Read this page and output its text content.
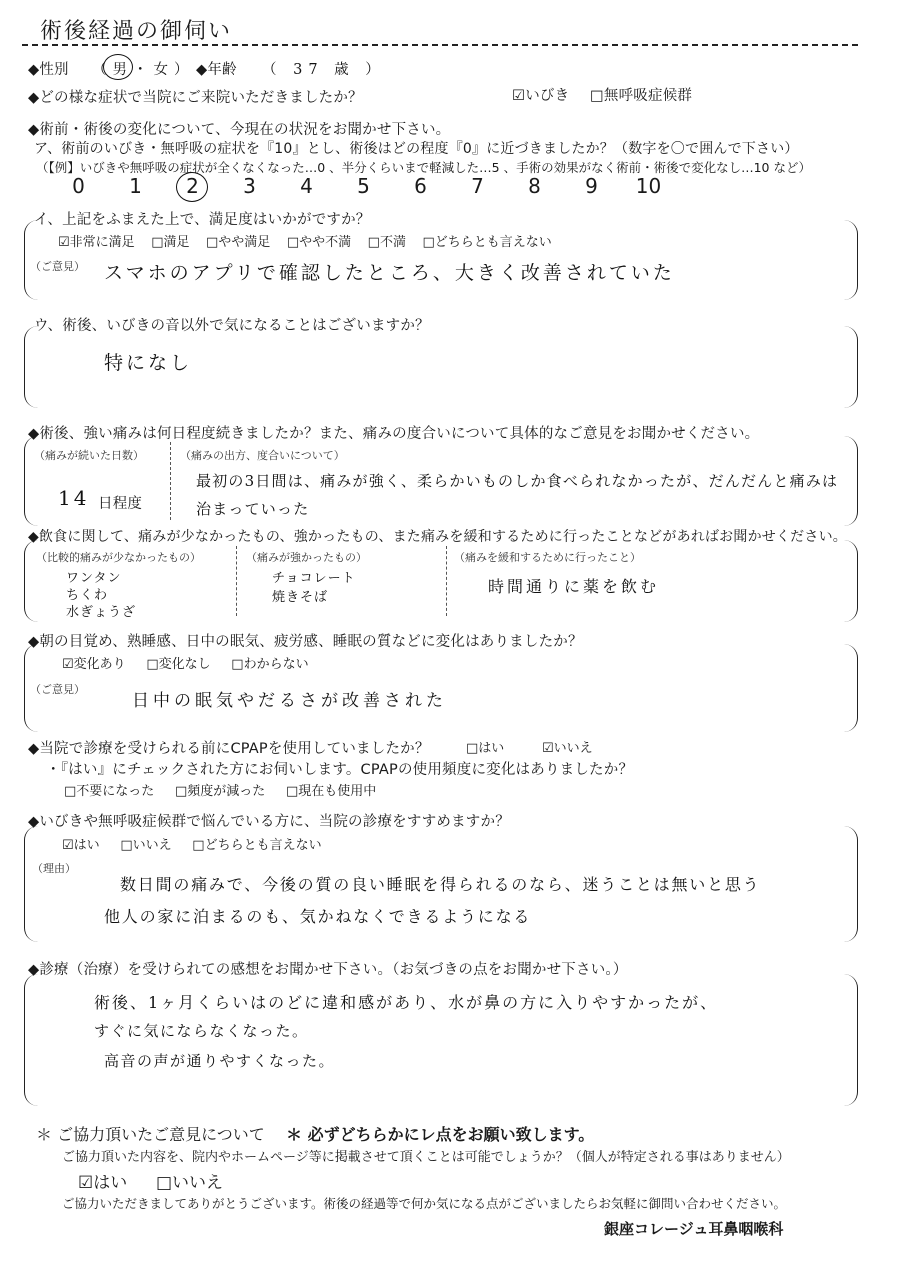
術後経過の御伺い
◆性別 （男・女） ◆年齢 （ 37 歳 ）
◆どの様な症状で当院にご来院いただきましたか？	☑いびき □無呼吸症候群
◆術前・術後の変化について、今現在の状況をお聞かせ下さい。
ア、術前のいびき・無呼吸の症状を『10』とし、術後はどの程度『0』に近づきましたか？（数字を〇で囲んで下さい）
（【例】いびきや無呼吸の症状が全くなくなった…0 、半分くらいまで軽減した…5 、手術の効果がなく術前・術後で変化なし…10 など）
0 1 2 3 4 5 6 7 8 9 10
イ、上記をふまえた上で、満足度はいかがですか？
☑非常に満足 □満足 □やや満足 □やや不満 □不満 □どちらとも言えない
（ご意見） スマホのアプリで確認したところ、大きく改善されていた
ウ、術後、いびきの音以外で気になることはございますか？
特になし
◆術後、強い痛みは何日程度続きましたか？また、痛みの度合いについて具体的なご意見をお聞かせください。
（痛みが続いた日数）
14 日程度
（痛みの出方、度合いについて）
最初の3日間は、痛みが強く、柔らかいものしか食べられなかったが、だんだんと痛みは
治まっていった
◆飲食に関して、痛みが少なかったもの、強かったもの、また痛みを緩和するために行ったことなどがあればお聞かせください。
（比較的痛みが少なかったもの）
ワンタン
ちくわ
水ぎょうざ
（痛みが強かったもの）
チョコレート
焼きそば
（痛みを緩和するために行ったこと）
時間通りに薬を飲む
◆朝の目覚め、熟睡感、日中の眠気、疲労感、睡眠の質などに変化はありましたか？
☑変化あり □変化なし □わからない
（ご意見）
日中の眠気やだるさが改善された
◆当院で診療を受けられる前にCPAPを使用していましたか？	□はい	☑いいえ
・『はい』にチェックされた方にお伺いします。CPAPの使用頻度に変化はありましたか？
□不要になった □頻度が減った □現在も使用中
◆いびきや無呼吸症候群で悩んでいる方に、当院の診療をすすめますか？
☑はい □いいえ □どちらとも言えない
（理由）
数日間の痛みで、今後の質の良い睡眠を得られるのなら、迷うことは無いと思う
他人の家に泊まるのも、気かねなくできるようになる
◆診療（治療）を受けられての感想をお聞かせ下さい。（お気づきの点をお聞かせ下さい。）
術後、1ヶ月くらいはのどに違和感があり、水が鼻の方に入りやすかったが、
すぐに気にならなくなった。
高音の声が通りやすくなった。
＊ ご協力頂いたご意見について ＊ 必ずどちらかにレ点をお願い致します。
ご協力頂いた内容を、院内やホームページ等に掲載させて頂くことは可能でしょうか？（個人が特定される事はありません）
☑はい □いいえ
ご協力いただきましてありがとうございます。術後の経過等で何か気になる点がございましたらお気軽に御問い合わせください。
銀座コレージュ耳鼻咽喉科
